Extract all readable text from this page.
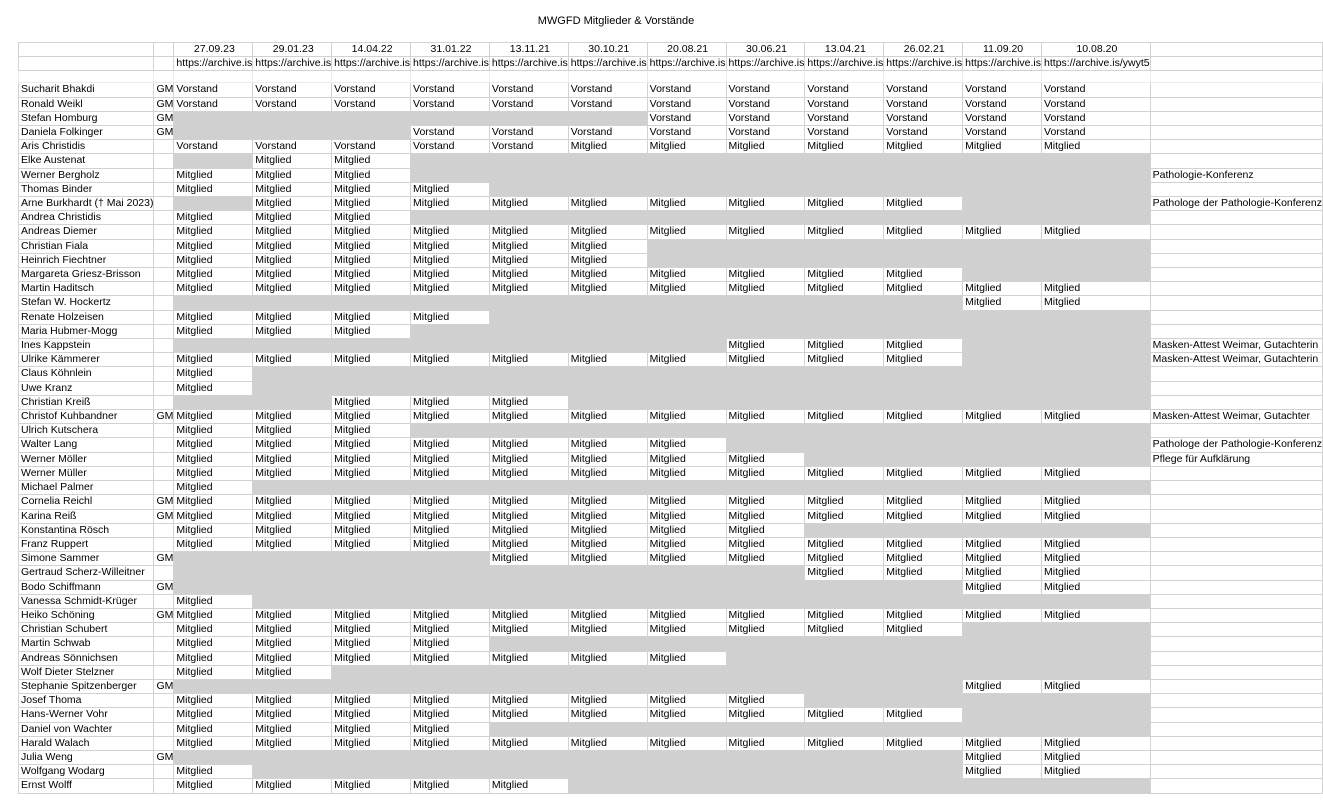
MWGFD Mitglieder & Vorstände
		27.09.23	29.01.23	14.04.22	31.01.22	13.11.21	30.10.21	20.08.21	30.06.21	13.04.21	26.02.21	11.09.20	10.08.20	
		https://archive.is	https://archive.is	https://archive.is	https://archive.is	https://archive.is	https://archive.is	https://archive.is	https://archive.is	https://archive.is	https://archive.is	https://archive.is	https://archive.is/ywyt5	

Sucharit Bhakdi	GM	Vorstand	Vorstand	Vorstand	Vorstand	Vorstand	Vorstand	Vorstand	Vorstand	Vorstand	Vorstand	Vorstand	Vorstand	
Ronald Weikl	GM	Vorstand	Vorstand	Vorstand	Vorstand	Vorstand	Vorstand	Vorstand	Vorstand	Vorstand	Vorstand	Vorstand	Vorstand	
Stefan Homburg	GM							Vorstand	Vorstand	Vorstand	Vorstand	Vorstand	Vorstand	
Daniela Folkinger	GM				Vorstand	Vorstand	Vorstand	Vorstand	Vorstand	Vorstand	Vorstand	Vorstand	Vorstand	
Aris Christidis		Vorstand	Vorstand	Vorstand	Vorstand	Vorstand	Mitglied	Mitglied	Mitglied	Mitglied	Mitglied	Mitglied	Mitglied	
Elke Austenat			Mitglied	Mitglied										
Werner Bergholz		Mitglied	Mitglied	Mitglied										Pathologie-Konferenz
Thomas Binder		Mitglied	Mitglied	Mitglied	Mitglied									
Arne Burkhardt († Mai 2023)			Mitglied	Mitglied	Mitglied	Mitglied	Mitglied	Mitglied	Mitglied	Mitglied	Mitglied			Pathologe der Pathologie-Konferenz
Andrea Christidis		Mitglied	Mitglied	Mitglied										
Andreas Diemer		Mitglied	Mitglied	Mitglied	Mitglied	Mitglied	Mitglied	Mitglied	Mitglied	Mitglied	Mitglied	Mitglied	Mitglied	
Christian Fiala		Mitglied	Mitglied	Mitglied	Mitglied	Mitglied	Mitglied							
Heinrich Fiechtner		Mitglied	Mitglied	Mitglied	Mitglied	Mitglied	Mitglied							
Margareta Griesz-Brisson		Mitglied	Mitglied	Mitglied	Mitglied	Mitglied	Mitglied	Mitglied	Mitglied	Mitglied	Mitglied			
Martin Haditsch		Mitglied	Mitglied	Mitglied	Mitglied	Mitglied	Mitglied	Mitglied	Mitglied	Mitglied	Mitglied	Mitglied	Mitglied	
Stefan W. Hockertz												Mitglied	Mitglied	
Renate Holzeisen		Mitglied	Mitglied	Mitglied	Mitglied									
Maria Hubmer-Mogg		Mitglied	Mitglied	Mitglied										
Ines Kappstein									Mitglied	Mitglied	Mitglied			Masken-Attest Weimar, Gutachterin
Ulrike Kämmerer		Mitglied	Mitglied	Mitglied	Mitglied	Mitglied	Mitglied	Mitglied	Mitglied	Mitglied	Mitglied			Masken-Attest Weimar, Gutachterin
Claus Köhnlein		Mitglied												
Uwe Kranz		Mitglied												
Christian Kreiß				Mitglied	Mitglied	Mitglied								
Christof Kuhbandner	GM	Mitglied	Mitglied	Mitglied	Mitglied	Mitglied	Mitglied	Mitglied	Mitglied	Mitglied	Mitglied	Mitglied	Mitglied	Masken-Attest Weimar, Gutachter
Ulrich Kutschera		Mitglied	Mitglied	Mitglied										
Walter Lang		Mitglied	Mitglied	Mitglied	Mitglied	Mitglied	Mitglied	Mitglied						Pathologe der Pathologie-Konferenz
Werner Möller		Mitglied	Mitglied	Mitglied	Mitglied	Mitglied	Mitglied	Mitglied	Mitglied					Pflege für Aufklärung
Werner Müller		Mitglied	Mitglied	Mitglied	Mitglied	Mitglied	Mitglied	Mitglied	Mitglied	Mitglied	Mitglied	Mitglied	Mitglied	
Michael Palmer		Mitglied												
Cornelia Reichl	GM	Mitglied	Mitglied	Mitglied	Mitglied	Mitglied	Mitglied	Mitglied	Mitglied	Mitglied	Mitglied	Mitglied	Mitglied	
Karina Reiß	GM	Mitglied	Mitglied	Mitglied	Mitglied	Mitglied	Mitglied	Mitglied	Mitglied	Mitglied	Mitglied	Mitglied	Mitglied	
Konstantina Rösch		Mitglied	Mitglied	Mitglied	Mitglied	Mitglied	Mitglied	Mitglied	Mitglied					
Franz Ruppert		Mitglied	Mitglied	Mitglied	Mitglied	Mitglied	Mitglied	Mitglied	Mitglied	Mitglied	Mitglied	Mitglied	Mitglied	
Simone Sammer	GM					Mitglied	Mitglied	Mitglied	Mitglied	Mitglied	Mitglied	Mitglied	Mitglied	
Gertraud Scherz-Willeitner										Mitglied	Mitglied	Mitglied	Mitglied	
Bodo Schiffmann	GM											Mitglied	Mitglied	
Vanessa Schmidt-Krüger		Mitglied												
Heiko Schöning	GM	Mitglied	Mitglied	Mitglied	Mitglied	Mitglied	Mitglied	Mitglied	Mitglied	Mitglied	Mitglied	Mitglied	Mitglied	
Christian Schubert		Mitglied	Mitglied	Mitglied	Mitglied	Mitglied	Mitglied	Mitglied	Mitglied	Mitglied	Mitglied			
Martin Schwab		Mitglied	Mitglied	Mitglied	Mitglied									
Andreas Sönnichsen		Mitglied	Mitglied	Mitglied	Mitglied	Mitglied	Mitglied	Mitglied						
Wolf Dieter Stelzner		Mitglied	Mitglied											
Stephanie Spitzenberger	GM											Mitglied	Mitglied	
Josef Thoma		Mitglied	Mitglied	Mitglied	Mitglied	Mitglied	Mitglied	Mitglied	Mitglied					
Hans-Werner Vohr		Mitglied	Mitglied	Mitglied	Mitglied	Mitglied	Mitglied	Mitglied	Mitglied	Mitglied	Mitglied			
Daniel von Wachter		Mitglied	Mitglied	Mitglied	Mitglied									
Harald Walach		Mitglied	Mitglied	Mitglied	Mitglied	Mitglied	Mitglied	Mitglied	Mitglied	Mitglied	Mitglied	Mitglied	Mitglied	
Julia Weng	GM											Mitglied	Mitglied	
Wolfgang Wodarg		Mitglied										Mitglied	Mitglied	
Ernst Wolff		Mitglied	Mitglied	Mitglied	Mitglied	Mitglied								
